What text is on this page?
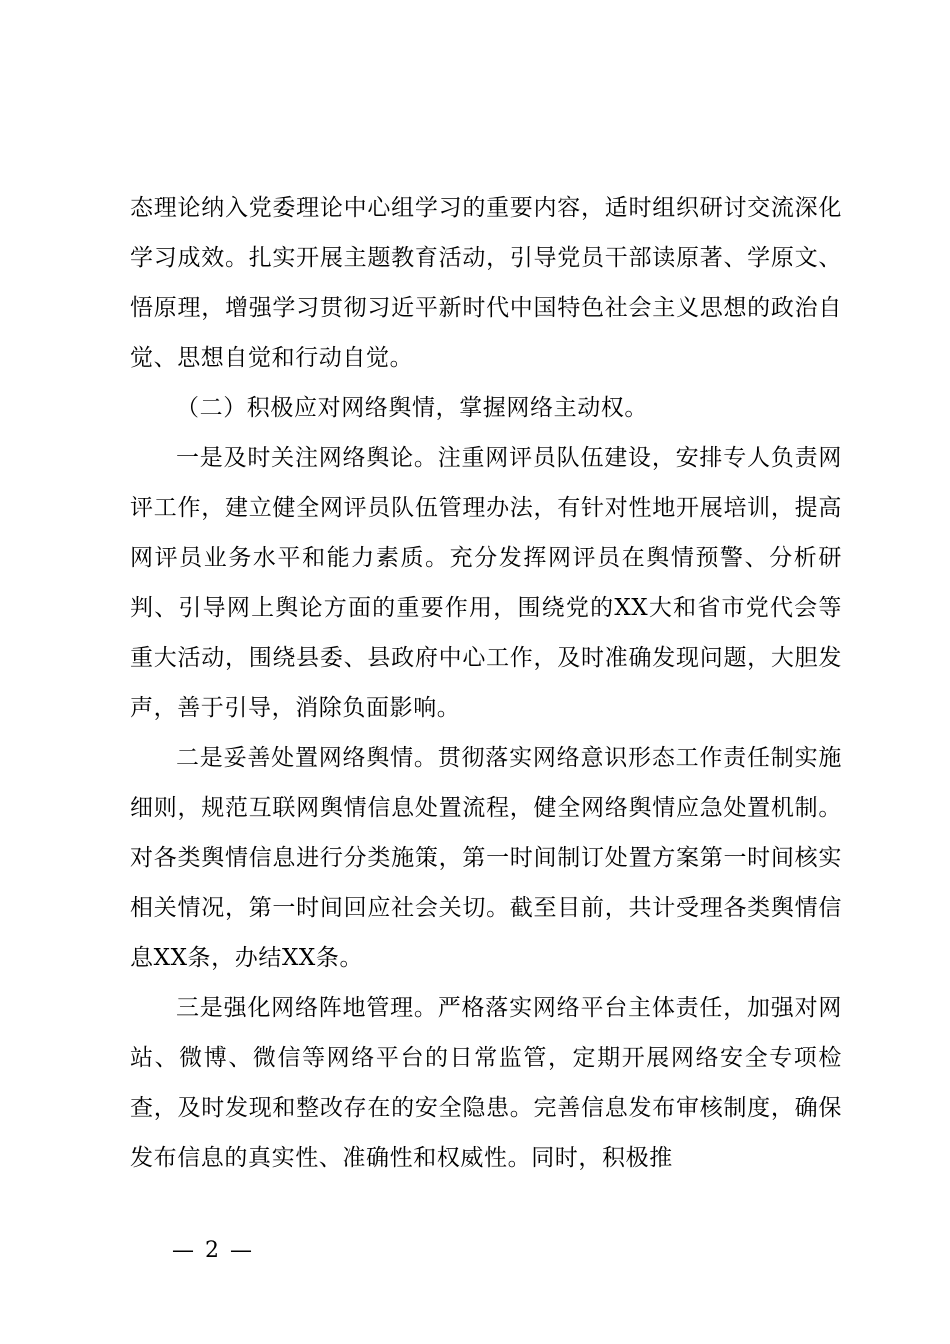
态理论纳入党委理论中心组学习的重要内容，适时组织研讨交流深化学习成效。扎实开展主题教育活动，引导党员干部读原著、学原文、悟原理，增强学习贯彻习近平新时代中国特色社会主义思想的政治自觉、思想自觉和行动自觉。

（二）积极应对网络舆情，掌握网络主动权。

一是及时关注网络舆论。注重网评员队伍建设，安排专人负责网评工作，建立健全网评员队伍管理办法，有针对性地开展培训，提高网评员业务水平和能力素质。充分发挥网评员在舆情预警、分析研判、引导网上舆论方面的重要作用，围绕党的XX大和省市党代会等重大活动，围绕县委、县政府中心工作，及时准确发现问题，大胆发声，善于引导，消除负面影响。

二是妥善处置网络舆情。贯彻落实网络意识形态工作责任制实施细则，规范互联网舆情信息处置流程，健全网络舆情应急处置机制。对各类舆情信息进行分类施策，第一时间制订处置方案第一时间核实相关情况，第一时间回应社会关切。截至目前，共计受理各类舆情信息XX条，办结XX条。

三是强化网络阵地管理。严格落实网络平台主体责任，加强对网站、微博、微信等网络平台的日常监管，定期开展网络安全专项检查，及时发现和整改存在的安全隐患。完善信息发布审核制度，确保发布信息的真实性、准确性和权威性。同时，积极推

— 2 —
